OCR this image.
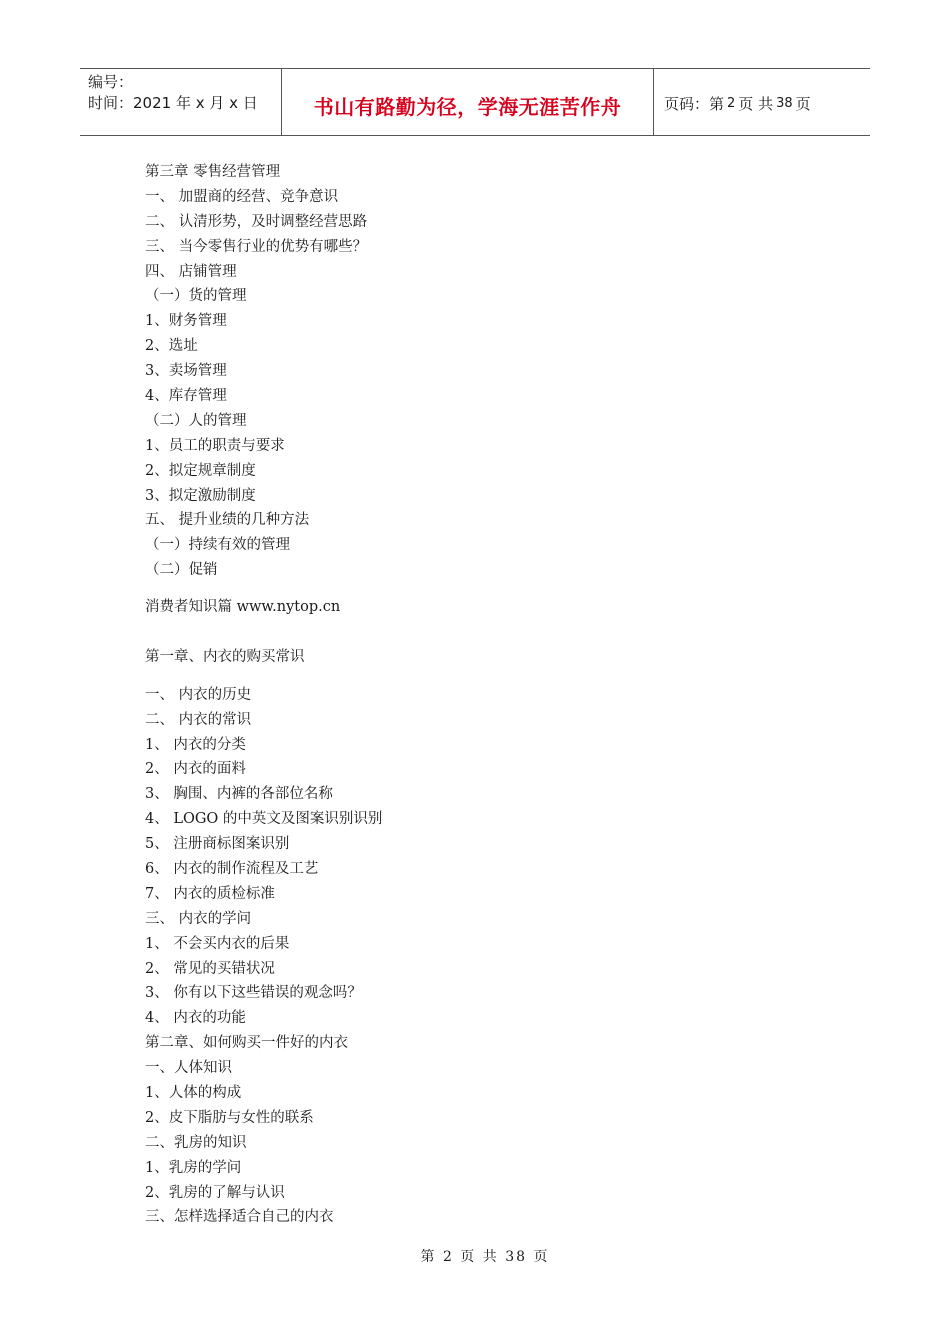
编号：
时间：2021 年 x 月 x 日	书山有路勤为径，学海无涯苦作舟	页码：第 2 页 共 38 页
第三章 零售经营管理
一、 加盟商的经营、竞争意识
二、 认清形势，及时调整经营思路
三、 当今零售行业的优势有哪些？
四、 店铺管理
（一）货的管理
1、财务管理
2、选址
3、卖场管理
4、库存管理
（二）人的管理
1、员工的职责与要求
2、拟定规章制度
3、拟定激励制度
五、 提升业绩的几种方法
（一）持续有效的管理
（二）促销
消费者知识篇 www.nytop.cn
第一章、内衣的购买常识
一、 内衣的历史
二、 内衣的常识
1、 内衣的分类
2、 内衣的面料
3、 胸围、内裤的各部位名称
4、 LOGO 的中英文及图案识别识别
5、 注册商标图案识别
6、 内衣的制作流程及工艺
7、 内衣的质检标准
三、 内衣的学问
1、 不会买内衣的后果
2、 常见的买错状况
3、 你有以下这些错误的观念吗？
4、 内衣的功能
第二章、如何购买一件好的内衣
一、人体知识
1、人体的构成
2、皮下脂肪与女性的联系
二、乳房的知识
1、乳房的学问
2、乳房的了解与认识
三、怎样选择适合自己的内衣
第 2 页 共 38 页
